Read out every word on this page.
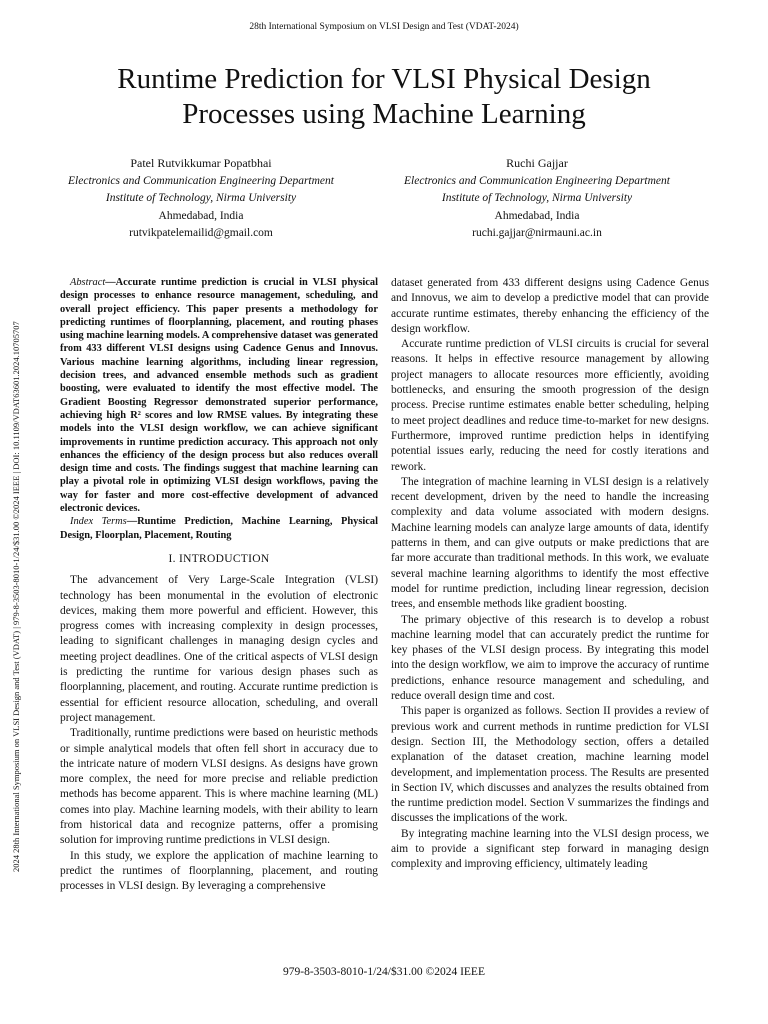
28th International Symposium on VLSI Design and Test (VDAT-2024)
Runtime Prediction for VLSI Physical Design
Processes using Machine Learning
Patel Rutvikkumar Popatbhai
Electronics and Communication Engineering Department
Institute of Technology, Nirma University
Ahmedabad, India
rutvikpatelemailid@gmail.com
Ruchi Gajjar
Electronics and Communication Engineering Department
Institute of Technology, Nirma University
Ahmedabad, India
ruchi.gajjar@nirmauni.ac.in
2024 28th International Symposium on VLSI Design and Test (VDAT) | 979-8-3503-8010-1/24/$31.00 ©2024 IEEE | DOI: 10.1109/VDAT63601.2024.10705707

Abstract—Accurate runtime prediction is crucial in VLSI physical design processes to enhance resource management, scheduling, and overall project efficiency. This paper presents a methodology for predicting runtimes of floorplanning, placement, and routing phases using machine learning models. A comprehensive dataset was generated from 433 different VLSI designs using Cadence Genus and Innovus. Various machine learning algorithms, including linear regression, decision trees, and advanced ensemble methods such as gradient boosting, were evaluated to identify the most effective model. The Gradient Boosting Regressor demonstrated superior performance, achieving high R² scores and low RMSE values. By integrating these models into the VLSI design workflow, we can achieve significant improvements in runtime prediction accuracy. This approach not only enhances the efficiency of the design process but also reduces overall design time and costs. The findings suggest that machine learning can play a pivotal role in optimizing VLSI design workflows, paving the way for faster and more cost-effective development of advanced electronic devices.

Index Terms—Runtime Prediction, Machine Learning, Physical Design, Floorplan, Placement, Routing

I. INTRODUCTION

The advancement of Very Large-Scale Integration (VLSI) technology has been monumental in the evolution of electronic devices, making them more powerful and efficient. However, this progress comes with increasing complexity in design processes, leading to significant challenges in managing design cycles and meeting project deadlines. One of the critical aspects of VLSI design is predicting the runtime for various design phases such as floorplanning, placement, and routing. Accurate runtime prediction is essential for efficient resource allocation, scheduling, and overall project management.

Traditionally, runtime predictions were based on heuristic methods or simple analytical models that often fell short in accuracy due to the intricate nature of modern VLSI designs. As designs have grown more complex, the need for more precise and reliable prediction methods has become apparent. This is where machine learning (ML) comes into play. Machine learning models, with their ability to learn from historical data and recognize patterns, offer a promising solution for improving runtime predictions in VLSI design.

In this study, we explore the application of machine learning to predict the runtimes of floorplanning, placement, and routing processes in VLSI design. By leveraging a comprehensive

dataset generated from 433 different designs using Cadence Genus and Innovus, we aim to develop a predictive model that can provide accurate runtime estimates, thereby enhancing the efficiency of the design workflow.

Accurate runtime prediction of VLSI circuits is crucial for several reasons. It helps in effective resource management by allowing project managers to allocate resources more efficiently, avoiding bottlenecks, and ensuring the smooth progression of the design process. Precise runtime estimates enable better scheduling, helping to meet project deadlines and reduce time-to-market for new designs. Furthermore, improved runtime prediction helps in identifying potential issues early, reducing the need for costly iterations and rework.

The integration of machine learning in VLSI design is a relatively recent development, driven by the need to handle the increasing complexity and data volume associated with modern designs. Machine learning models can analyze large amounts of data, identify patterns in them, and can give outputs or make predictions that are far more accurate than traditional methods. In this work, we evaluate several machine learning algorithms to identify the most effective model for runtime prediction, including linear regression, decision trees, and ensemble methods like gradient boosting.

The primary objective of this research is to develop a robust machine learning model that can accurately predict the runtime for key phases of the VLSI design process. By integrating this model into the design workflow, we aim to improve the accuracy of runtime predictions, enhance resource management and scheduling, and reduce overall design time and cost.

This paper is organized as follows. Section II provides a review of previous work and current methods in runtime prediction for VLSI design. Section III, the Methodology section, offers a detailed explanation of the dataset creation, machine learning model development, and implementation process. The Results are presented in Section IV, which discusses and analyzes the results obtained from the runtime prediction model. Section V summarizes the findings and discusses the implications of the work.

By integrating machine learning into the VLSI design process, we aim to provide a significant step forward in managing design complexity and improving efficiency, ultimately leading

979-8-3503-8010-1/24/$31.00 ©2024 IEEE
